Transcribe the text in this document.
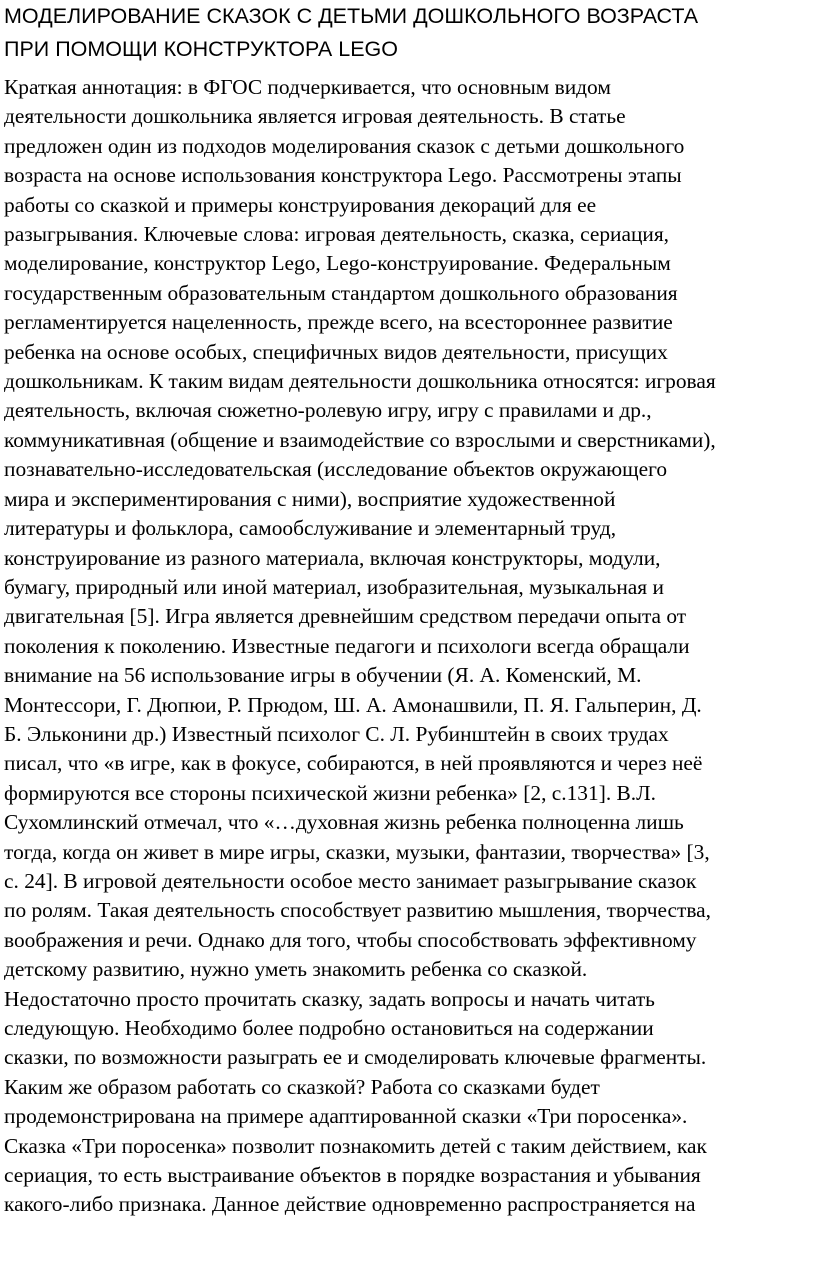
МОДЕЛИРОВАНИЕ СКАЗОК С ДЕТЬМИ ДОШКОЛЬНОГО ВОЗРАСТА
ПРИ ПОМОЩИ КОНСТРУКТОРА LEGO
Краткая аннотация: в ФГОС подчеркивается, что основным видом
деятельности дошкольника является игровая деятельность. В статье
предложен один из подходов моделирования сказок с детьми дошкольного
возраста на основе использования конструктора Lego. Рассмотрены этапы
работы со сказкой и примеры конструирования декораций для ее
разыгрывания. Ключевые слова: игровая деятельность, сказка, сериация,
моделирование, конструктор Lego, Lego-конструирование. Федеральным
государственным образовательным стандартом дошкольного образования
регламентируется нацеленность, прежде всего, на всестороннее развитие
ребенка на основе особых, специфичных видов деятельности, присущих
дошкольникам. К таким видам деятельности дошкольника относятся: игровая
деятельность, включая сюжетно-ролевую игру, игру с правилами и др.,
коммуникативная (общение и взаимодействие со взрослыми и сверстниками),
познавательно-исследовательская (исследование объектов окружающего
мира и экспериментирования с ними), восприятие художественной
литературы и фольклора, самообслуживание и элементарный труд,
конструирование из разного материала, включая конструкторы, модули,
бумагу, природный или иной материал, изобразительная, музыкальная и
двигательная [5]. Игра является древнейшим средством передачи опыта от
поколения к поколению. Известные педагоги и психологи всегда обращали
внимание на 56 использование игры в обучении (Я. А. Коменский, М.
Монтессори, Г. Дюпюи, Р. Прюдом, Ш. А. Амонашвили, П. Я. Гальперин, Д.
Б. Эльконини др.) Известный психолог С. Л. Рубинштейн в своих трудах
писал, что «в игре, как в фокусе, собираются, в ней проявляются и через неё
формируются все стороны психической жизни ребенка» [2, с.131]. В.Л.
Сухомлинский отмечал, что «…духовная жизнь ребенка полноценна лишь
тогда, когда он живет в мире игры, сказки, музыки, фантазии, творчества» [3,
с. 24]. В игровой деятельности особое место занимает разыгрывание сказок
по ролям. Такая деятельность способствует развитию мышления, творчества,
воображения и речи. Однако для того, чтобы способствовать эффективному
детскому развитию, нужно уметь знакомить ребенка со сказкой.
Недостаточно просто прочитать сказку, задать вопросы и начать читать
следующую. Необходимо более подробно остановиться на содержании
сказки, по возможности разыграть ее и смоделировать ключевые фрагменты.
Каким же образом работать со сказкой? Работа со сказками будет
продемонстрирована на примере адаптированной сказки «Три поросенка».
Сказка «Три поросенка» позволит познакомить детей с таким действием, как
сериация, то есть выстраивание объектов в порядке возрастания и убывания
какого-либо признака. Данное действие одновременно распространяется на
